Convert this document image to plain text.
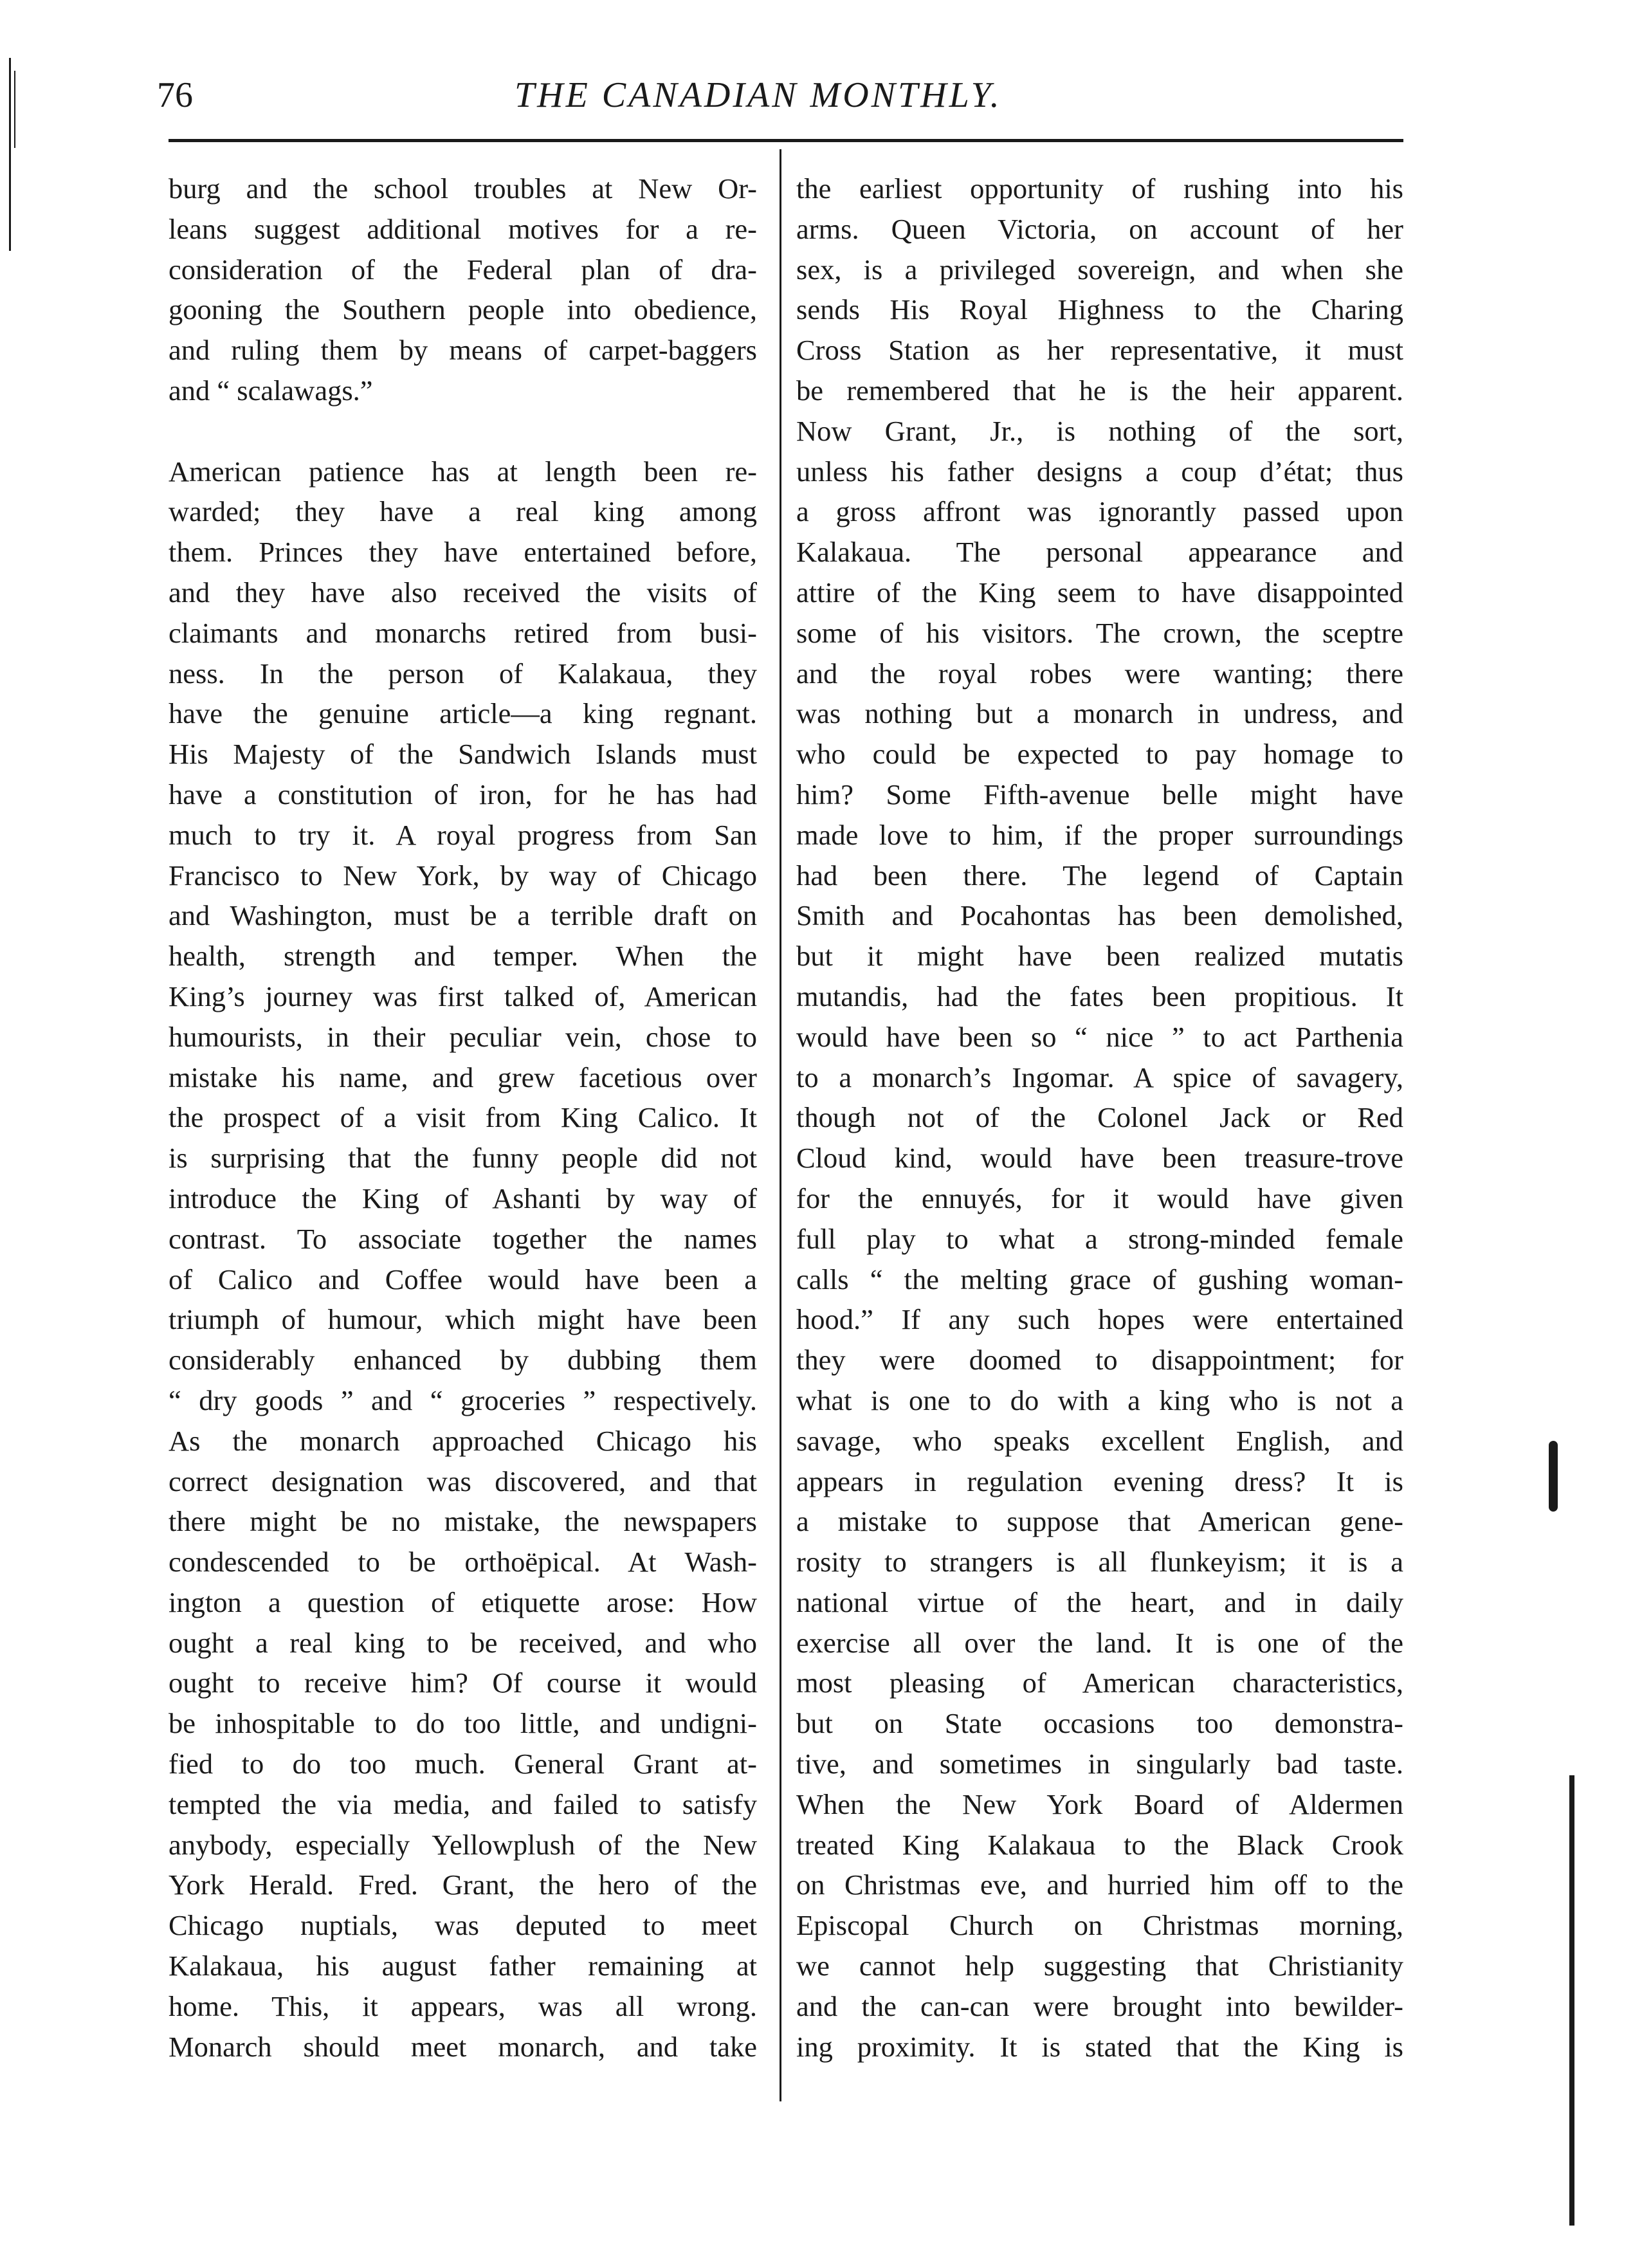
76	THE CANADIAN MONTHLY.
burg and the school troubles at New Or-
leans suggest additional motives for a re-
consideration of the Federal plan of dra-
gooning the Southern people into obedience,
and ruling them by means of carpet-baggers
and “ scalawags.”
American patience has at length been re-
warded; they have a real king among
them. Princes they have entertained before,
and they have also received the visits of
claimants and monarchs retired from busi-
ness. In the person of Kalakaua, they
have the genuine article—a king regnant.
His Majesty of the Sandwich Islands must
have a constitution of iron, for he has had
much to try it. A royal progress from San
Francisco to New York, by way of Chicago
and Washington, must be a terrible draft on
health, strength and temper. When the
King’s journey was first talked of, American
humourists, in their peculiar vein, chose to
mistake his name, and grew facetious over
the prospect of a visit from King Calico. It
is surprising that the funny people did not
introduce the King of Ashanti by way of
contrast. To associate together the names
of Calico and Coffee would have been a
triumph of humour, which might have been
considerably enhanced by dubbing them
“ dry goods ” and “ groceries ” respectively.
As the monarch approached Chicago his
correct designation was discovered, and that
there might be no mistake, the newspapers
condescended to be orthoëpical. At Wash-
ington a question of etiquette arose: How
ought a real king to be received, and who
ought to receive him? Of course it would
be inhospitable to do too little, and undigni-
fied to do too much. General Grant at-
tempted the via media, and failed to satisfy
anybody, especially Yellowplush of the New
York Herald. Fred. Grant, the hero of the
Chicago nuptials, was deputed to meet
Kalakaua, his august father remaining at
home. This, it appears, was all wrong.
Monarch should meet monarch, and take
the earliest opportunity of rushing into his
arms. Queen Victoria, on account of her
sex, is a privileged sovereign, and when she
sends His Royal Highness to the Charing
Cross Station as her representative, it must
be remembered that he is the heir apparent.
Now Grant, Jr., is nothing of the sort,
unless his father designs a coup d’état; thus
a gross affront was ignorantly passed upon
Kalakaua. The personal appearance and
attire of the King seem to have disappointed
some of his visitors. The crown, the sceptre
and the royal robes were wanting; there
was nothing but a monarch in undress, and
who could be expected to pay homage to
him? Some Fifth-avenue belle might have
made love to him, if the proper surroundings
had been there. The legend of Captain
Smith and Pocahontas has been demolished,
but it might have been realized mutatis
mutandis, had the fates been propitious. It
would have been so “ nice ” to act Parthenia
to a monarch’s Ingomar. A spice of savagery,
though not of the Colonel Jack or Red
Cloud kind, would have been treasure-trove
for the ennuyés, for it would have given
full play to what a strong-minded female
calls “ the melting grace of gushing woman-
hood.” If any such hopes were entertained
they were doomed to disappointment; for
what is one to do with a king who is not a
savage, who speaks excellent English, and
appears in regulation evening dress? It is
a mistake to suppose that American gene-
rosity to strangers is all flunkeyism; it is a
national virtue of the heart, and in daily
exercise all over the land. It is one of the
most pleasing of American characteristics,
but on State occasions too demonstra-
tive, and sometimes in singularly bad taste.
When the New York Board of Aldermen
treated King Kalakaua to the Black Crook
on Christmas eve, and hurried him off to the
Episcopal Church on Christmas morning,
we cannot help suggesting that Christianity
and the can-can were brought into bewilder-
ing proximity. It is stated that the King is
